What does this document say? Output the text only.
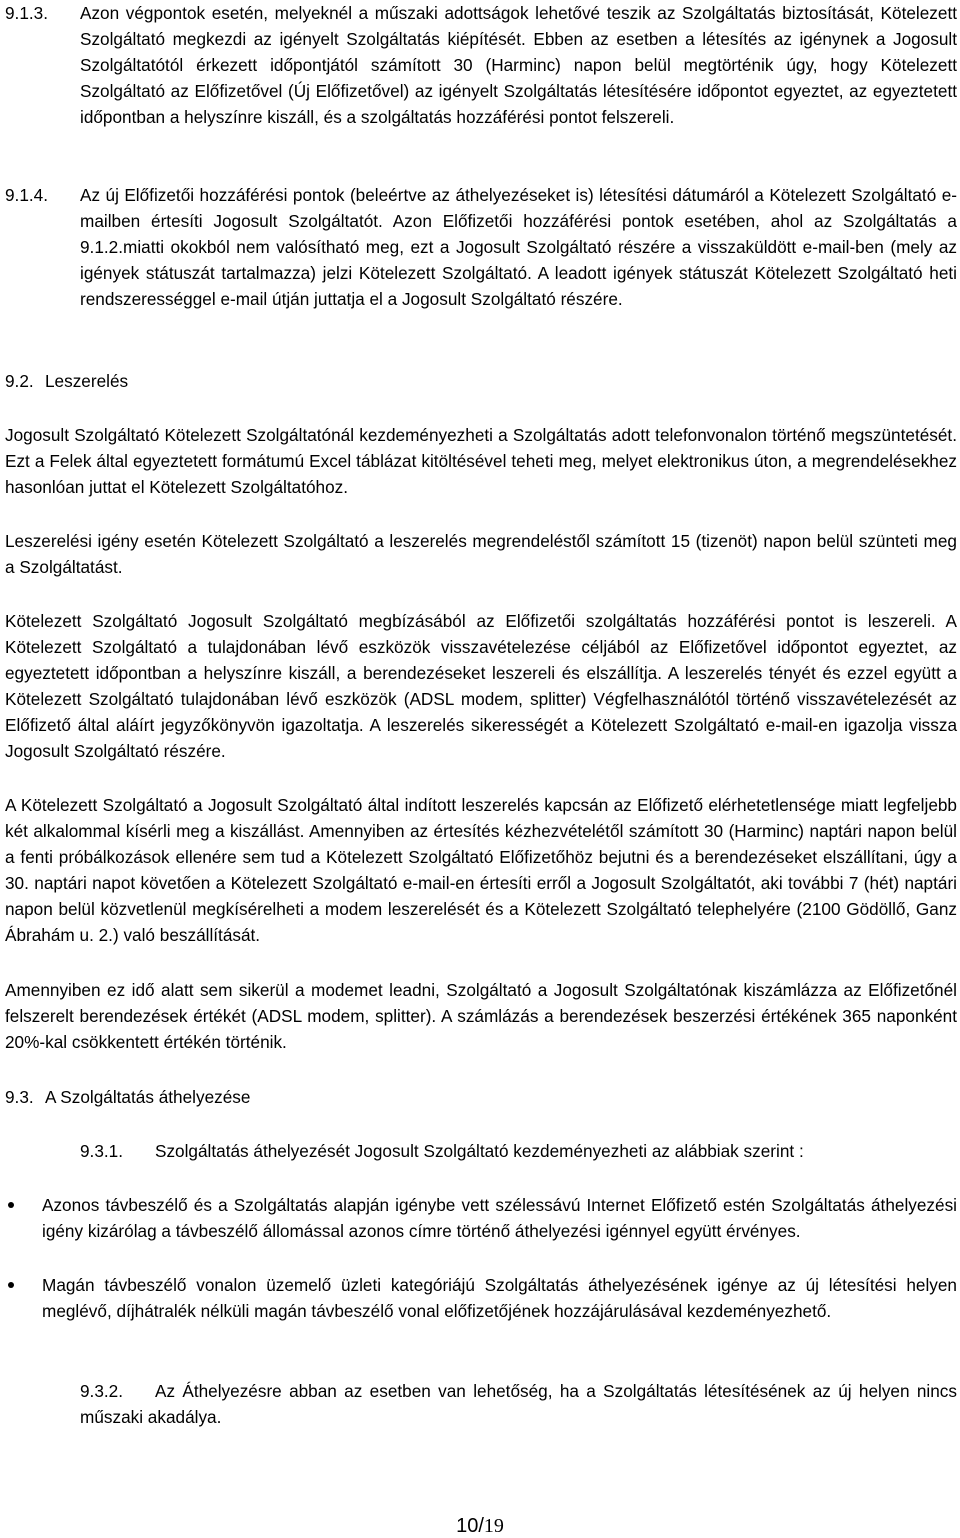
9.1.3. Azon végpontok esetén, melyeknél a műszaki adottságok lehetővé teszik az Szolgáltatás biztosítását, Kötelezett Szolgáltató megkezdi az igényelt Szolgáltatás kiépítését. Ebben az esetben a létesítés az igénynek a Jogosult Szolgáltatótól érkezett időpontjától számított 30 (Harminc) napon belül megtörténik úgy, hogy Kötelezett Szolgáltató az Előfizetővel (Új Előfizetővel) az igényelt Szolgáltatás létesítésére időpontot egyeztet, az egyeztetett időpontban a helyszínre kiszáll, és a szolgáltatás hozzáférési pontot felszereli.

9.1.4. Az új Előfizetői hozzáférési pontok (beleértve az áthelyezéseket is) létesítési dátumáról a Kötelezett Szolgáltató e-mailben értesíti Jogosult Szolgáltatót. Azon Előfizetői hozzáférési pontok esetében, ahol az Szolgáltatás a 9.1.2.miatti okokból nem valósítható meg, ezt a Jogosult Szolgáltató részére a visszaküldött e-mail-ben (mely az igények státuszát tartalmazza) jelzi Kötelezett Szolgáltató. A leadott igények státuszát Kötelezett Szolgáltató heti rendszerességgel e-mail útján juttatja el a Jogosult Szolgáltató részére.

9.2. Leszerelés

Jogosult Szolgáltató Kötelezett Szolgáltatónál kezdeményezheti a Szolgáltatás adott telefonvonalon történő megszüntetését. Ezt a Felek által egyeztetett formátumú Excel táblázat kitöltésével teheti meg, melyet elektronikus úton, a megrendelésekhez hasonlóan juttat el Kötelezett Szolgáltatóhoz.

Leszerelési igény esetén Kötelezett Szolgáltató a leszerelés megrendeléstől számított 15 (tizenöt) napon belül szünteti meg a Szolgáltatást.

Kötelezett Szolgáltató Jogosult Szolgáltató megbízásából az Előfizetői szolgáltatás hozzáférési pontot is leszereli. A Kötelezett Szolgáltató a tulajdonában lévő eszközök visszavételezése céljából az Előfizetővel időpontot egyeztet, az egyeztetett időpontban a helyszínre kiszáll, a berendezéseket leszereli és elszállítja. A leszerelés tényét és ezzel együtt a Kötelezett Szolgáltató tulajdonában lévő eszközök (ADSL modem, splitter) Végfelhasználótól történő visszavételezését az Előfizető által aláírt jegyzőkönyvön igazoltatja. A leszerelés sikerességét a Kötelezett Szolgáltató e-mail-en igazolja vissza Jogosult Szolgáltató részére.

A Kötelezett Szolgáltató a Jogosult Szolgáltató által indított leszerelés kapcsán az Előfizető elérhetetlensége miatt legfeljebb két alkalommal kísérli meg a kiszállást. Amennyiben az értesítés kézhezvételétől számított 30 (Harminc) naptári napon belül a fenti próbálkozások ellenére sem tud a Kötelezett Szolgáltató Előfizetőhöz bejutni és a berendezéseket elszállítani, úgy a 30. naptári napot követően a Kötelezett Szolgáltató e-mail-en értesíti erről a Jogosult Szolgáltatót, aki további 7 (hét) naptári napon belül közvetlenül megkísérelheti a modem leszerelését és a Kötelezett Szolgáltató telephelyére (2100 Gödöllő, Ganz Ábrahám u. 2.) való beszállítását.

Amennyiben ez idő alatt sem sikerül a modemet leadni, Szolgáltató a Jogosult Szolgáltatónak kiszámlázza az Előfizetőnél felszerelt berendezések értékét (ADSL modem, splitter). A számlázás a berendezések beszerzési értékének 365 naponként 20%-kal csökkentett értékén történik.

9.3. A Szolgáltatás áthelyezése

9.3.1. Szolgáltatás áthelyezését Jogosult Szolgáltató kezdeményezheti az alábbiak szerint :

Azonos távbeszélő és a Szolgáltatás alapján igénybe vett szélessávú Internet Előfizető estén Szolgáltatás áthelyezési igény kizárólag a távbeszélő állomással azonos címre történő áthelyezési igénnyel együtt érvényes.

Magán távbeszélő vonalon üzemelő üzleti kategóriájú Szolgáltatás áthelyezésének igénye az új létesítési helyen meglévő, díjhátralék nélküli magán távbeszélő vonal előfizetőjének hozzájárulásával kezdeményezhető.

9.3.2. Az Áthelyezésre abban az esetben van lehetőség, ha a Szolgáltatás létesítésének az új helyen nincs műszaki akadálya.

10/19
